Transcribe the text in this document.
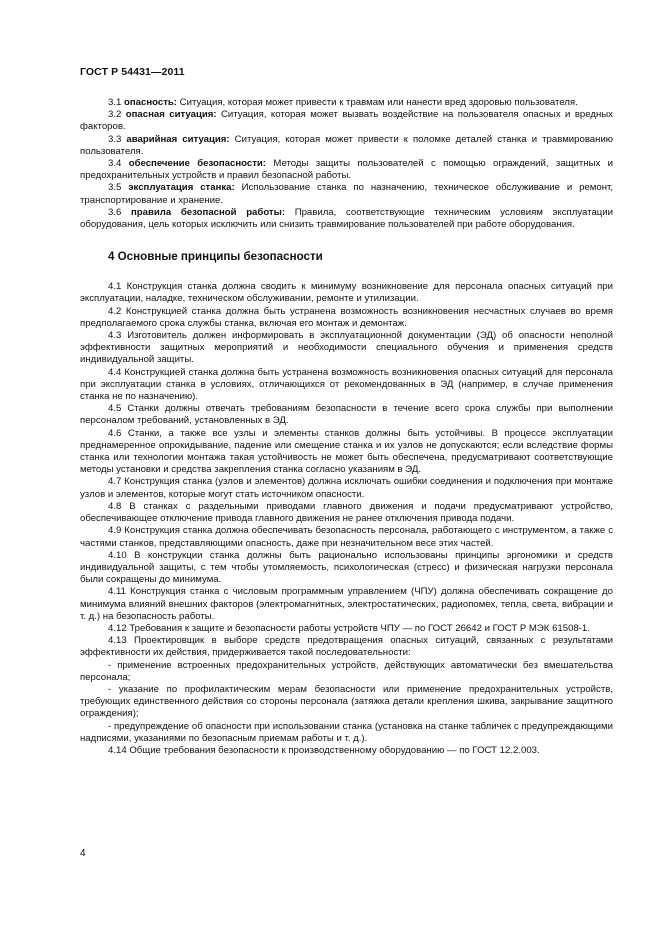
ГОСТ Р 54431—2011
3.1 опасность: Ситуация, которая может привести к травмам или нанести вред здоровью пользователя.
3.2 опасная ситуация: Ситуация, которая может вызвать воздействие на пользователя опасных и вредных факторов.
3.3 аварийная ситуация: Ситуация, которая может привести к поломке деталей станка и травмированию пользователя.
3.4 обеспечение безопасности: Методы защиты пользователей с помощью ограждений, защитных и предохранительных устройств и правил безопасной работы.
3.5 эксплуатация станка: Использование станка по назначению, техническое обслуживание и ремонт, транспортирование и хранение.
3.6 правила безопасной работы: Правила, соответствующие техническим условиям эксплуатации оборудования, цель которых исключить или снизить травмирование пользователей при работе оборудования.
4 Основные принципы безопасности
4.1 Конструкция станка должна сводить к минимуму возникновение для персонала опасных ситуаций при эксплуатации, наладке, техническом обслуживании, ремонте и утилизации.
4.2 Конструкцией станка должна быть устранена возможность возникновения несчастных случаев во время предполагаемого срока службы станка, включая его монтаж и демонтаж.
4.3 Изготовитель должен информировать в эксплуатационной документации (ЭД) об опасности неполной эффективности защитных мероприятий и необходимости специального обучения и применения средств индивидуальной защиты.
4.4 Конструкцией станка должна быть устранена возможность возникновения опасных ситуаций для персонала при эксплуатации станка в условиях, отличающихся от рекомендованных в ЭД (например, в случае применения станка не по назначению).
4.5 Станки должны отвечать требованиям безопасности в течение всего срока службы при выполнении персоналом требований, установленных в ЭД.
4.6 Станки, а также все узлы и элементы станков должны быть устойчивы. В процессе эксплуатации преднамеренное опрокидывание, падение или смещение станка и их узлов не допускаются; если вследствие формы станка или технологии монтажа такая устойчивость не может быть обеспечена, предусматривают соответствующие методы установки и средства закрепления станка согласно указаниям в ЭД.
4.7 Конструкция станка (узлов и элементов) должна исключать ошибки соединения и подключения при монтаже узлов и элементов, которые могут стать источником опасности.
4.8 В станках с раздельными приводами главного движения и подачи предусматривают устройство, обеспечивающее отключение привода главного движения не ранее отключения привода подачи.
4.9 Конструкция станка должна обеспечивать безопасность персонала, работающего с инструментом, а также с частями станков, представляющими опасность, даже при незначительном весе этих частей.
4.10 В конструкции станка должны быть рационально использованы принципы эргономики и средств индивидуальной защиты, с тем чтобы утомляемость, психологическая (стресс) и физическая нагрузки персонала были сокращены до минимума.
4.11 Конструкция станка с числовым программным управлением (ЧПУ) должна обеспечивать сокращение до минимума влияний внешних факторов (электромагнитных, электростатических, радиопомех, тепла, света, вибрации и т. д.) на безопасность работы.
4.12 Требования к защите и безопасности работы устройств ЧПУ — по ГОСТ 26642 и ГОСТ Р МЭК 61508-1.
4.13 Проектировщик в выборе средств предотвращения опасных ситуаций, связанных с результатами эффективности их действия, придерживается такой последовательности:
- применение встроенных предохранительных устройств, действующих автоматически без вмешательства персонала;
- указание по профилактическим мерам безопасности или применение предохранительных устройств, требующих единственного действия со стороны персонала (затяжка детали крепления шкива, закрывание защитного ограждения);
- предупреждение об опасности при использовании станка (установка на станке табличек с предупреждающими надписями, указаниями по безопасным приемам работы и т. д.).
4.14 Общие требования безопасности к производственному оборудованию — по ГОСТ 12.2.003.
4
